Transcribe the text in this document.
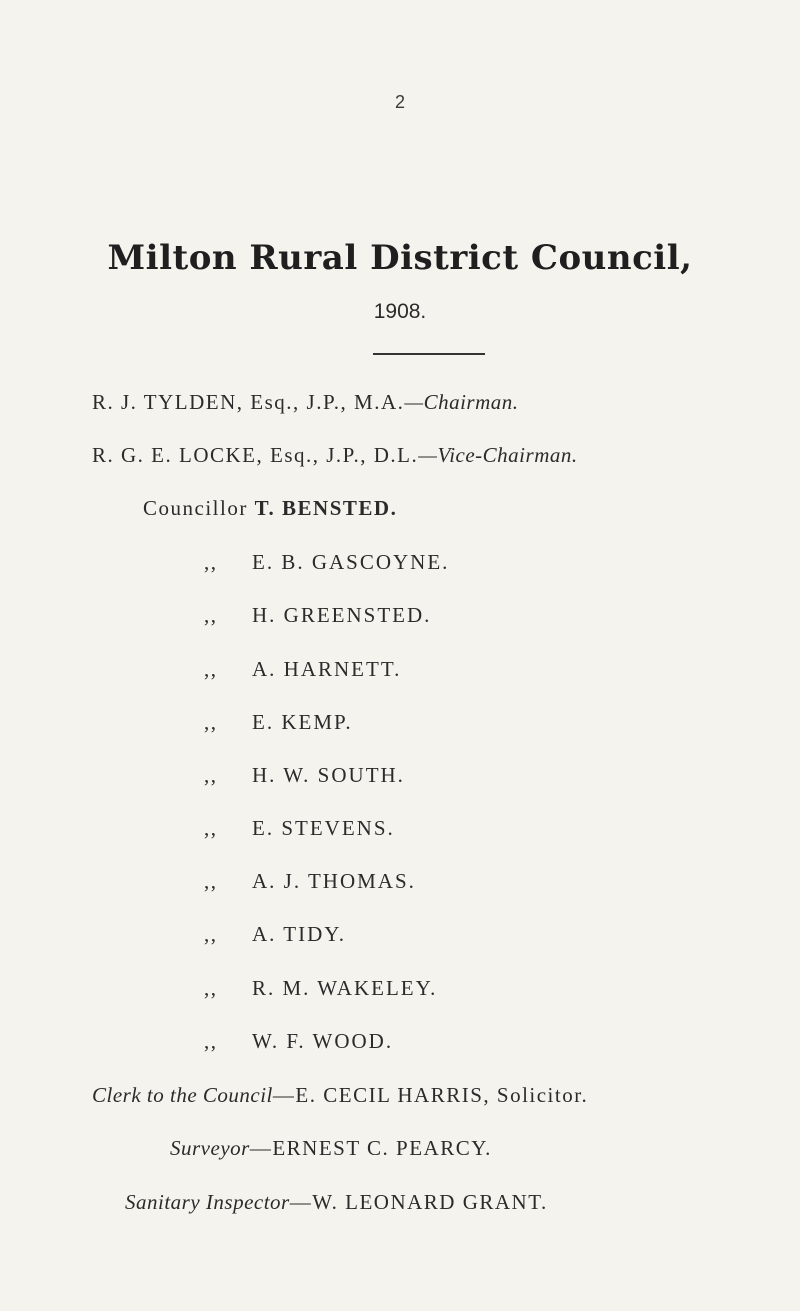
2
Milton Rural District Council,
1908.
R. J. TYLDEN, Esq., J.P., M.A.—Chairman.
R. G. E. LOCKE, Esq., J.P., D.L.—Vice-Chairman.
Councillor T. BENSTED.
,, E. B. GASCOYNE.
,, H. GREENSTED.
,, A. HARNETT.
,, E. KEMP.
,, H. W. SOUTH.
,, E. STEVENS.
,, A. J. THOMAS.
,, A. TIDY.
,, R. M. WAKELEY.
,, W. F. WOOD.
Clerk to the Council—E. CECIL HARRIS, Solicitor.
Surveyor—ERNEST C. PEARCY.
Sanitary Inspector—W. LEONARD GRANT.
